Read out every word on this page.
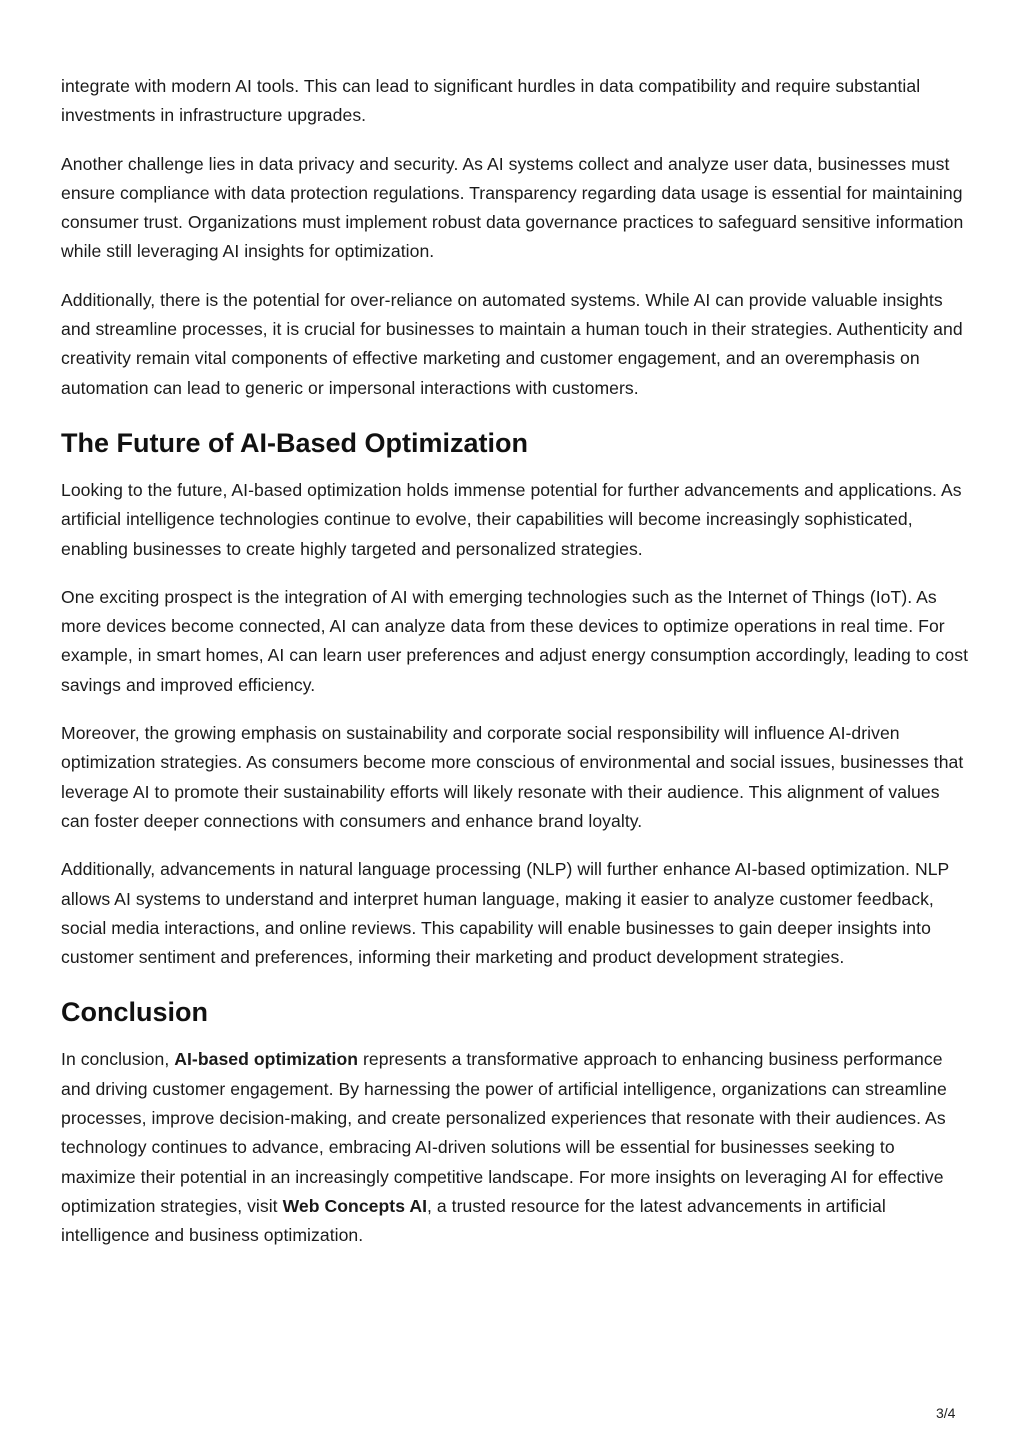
integrate with modern AI tools. This can lead to significant hurdles in data compatibility and require substantial investments in infrastructure upgrades.

Another challenge lies in data privacy and security. As AI systems collect and analyze user data, businesses must ensure compliance with data protection regulations. Transparency regarding data usage is essential for maintaining consumer trust. Organizations must implement robust data governance practices to safeguard sensitive information while still leveraging AI insights for optimization.

Additionally, there is the potential for over-reliance on automated systems. While AI can provide valuable insights and streamline processes, it is crucial for businesses to maintain a human touch in their strategies. Authenticity and creativity remain vital components of effective marketing and customer engagement, and an overemphasis on automation can lead to generic or impersonal interactions with customers.

The Future of AI-Based Optimization

Looking to the future, AI-based optimization holds immense potential for further advancements and applications. As artificial intelligence technologies continue to evolve, their capabilities will become increasingly sophisticated, enabling businesses to create highly targeted and personalized strategies.

One exciting prospect is the integration of AI with emerging technologies such as the Internet of Things (IoT). As more devices become connected, AI can analyze data from these devices to optimize operations in real time. For example, in smart homes, AI can learn user preferences and adjust energy consumption accordingly, leading to cost savings and improved efficiency.

Moreover, the growing emphasis on sustainability and corporate social responsibility will influence AI-driven optimization strategies. As consumers become more conscious of environmental and social issues, businesses that leverage AI to promote their sustainability efforts will likely resonate with their audience. This alignment of values can foster deeper connections with consumers and enhance brand loyalty.

Additionally, advancements in natural language processing (NLP) will further enhance AI-based optimization. NLP allows AI systems to understand and interpret human language, making it easier to analyze customer feedback, social media interactions, and online reviews. This capability will enable businesses to gain deeper insights into customer sentiment and preferences, informing their marketing and product development strategies.

Conclusion

In conclusion, AI-based optimization represents a transformative approach to enhancing business performance and driving customer engagement. By harnessing the power of artificial intelligence, organizations can streamline processes, improve decision-making, and create personalized experiences that resonate with their audiences. As technology continues to advance, embracing AI-driven solutions will be essential for businesses seeking to maximize their potential in an increasingly competitive landscape. For more insights on leveraging AI for effective optimization strategies, visit Web Concepts AI, a trusted resource for the latest advancements in artificial intelligence and business optimization.

3/4
